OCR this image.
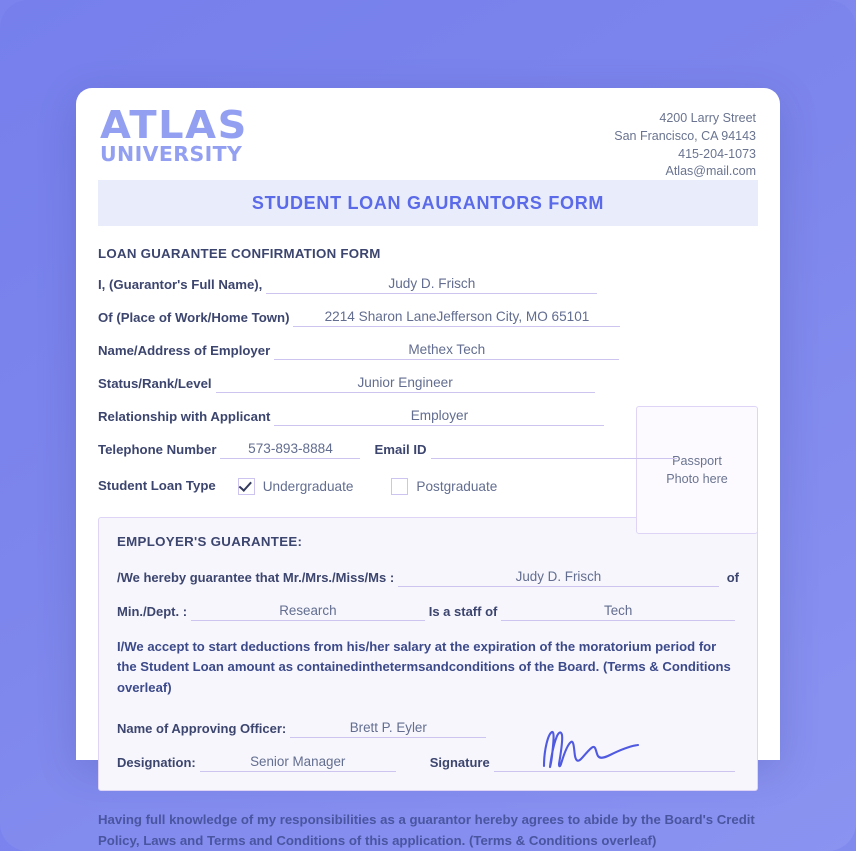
ATLAS
UNIVERSITY
4200 Larry Street
San Francisco, CA 94143
415-204-1073
Atlas@mail.com
STUDENT LOAN GAURANTORS FORM
LOAN GUARANTEE CONFIRMATION FORM
Passport
Photo here
I, (Guarantor's Full Name),	Judy D. Frisch
Of (Place of Work/Home Town)	2214 Sharon LaneJefferson City, MO 65101
Name/Address of Employer	Methex Tech
Status/Rank/Level	Junior Engineer
Relationship with Applicant	Employer
Telephone Number	573-893-8884	Email ID
Student Loan Type	Undergraduate	Postgraduate
EMPLOYER'S GUARANTEE:
/We hereby guarantee that Mr./Mrs./Miss/Ms :	Judy D. Frisch	of
Min./Dept. :	Research	Is a staff of	Tech
I/We accept to start deductions from his/her salary at the expiration of the moratorium period for the Student Loan amount as containedinthetermsandconditions of the Board. (Terms & Conditions overleaf)
Name of Approving Officer:	Brett P. Eyler
Designation:	Senior Manager	Signature
Having full knowledge of my responsibilities as a guarantor hereby agrees to abide by the Board's Credit Policy, Laws and Terms and Conditions of this application. (Terms & Conditions overleaf)
